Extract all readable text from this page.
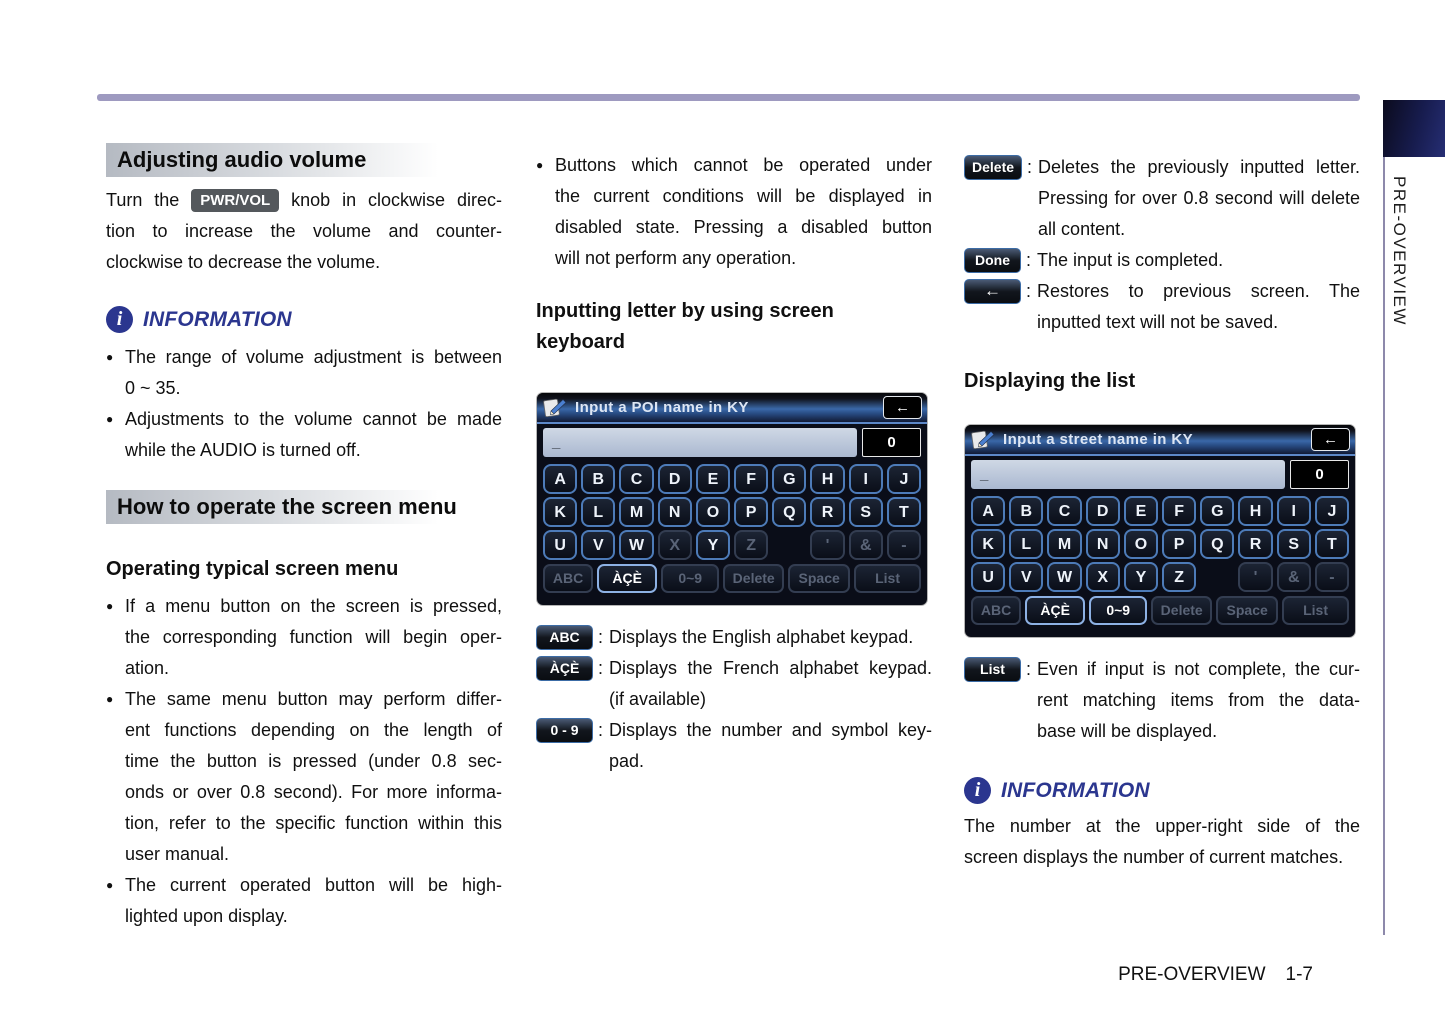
PRE-OVERVIEW
Adjusting audio volume
Turn the PWR/VOL knob in clockwise direc-
tion to increase the volume and counter-
clockwise to decrease the volume.
i INFORMATION
● The range of volume adjustment is between
0 ~ 35.
● Adjustments to the volume cannot be made
while the AUDIO is turned off.
How to operate the screen menu
Operating typical screen menu
● If a menu button on the screen is pressed,
the corresponding function will begin oper-
ation.
● The same menu button may perform differ-
ent functions depending on the length of
time the button is pressed (under 0.8 sec-
onds or over 0.8 second). For more informa-
tion, refer to the specific function within this
user manual.
● The current operated button will be high-
lighted upon display.
● Buttons which cannot be operated under
the current conditions will be displayed in
disabled state. Pressing a disabled button
will not perform any operation.
Inputting letter by using screen
keyboard
Input a POI name in KY	←
_	0
A	B	C	D	E	F	G	H	I	J
K	L	M	N	O	P	Q	R	S	T
U	V	W	X	Y	Z	'	&	-
ABC	ÀÇÈ	0~9	Delete	Space	List
ABC	: Displays the English alphabet keypad.
ÀÇÈ	: Displays the French alphabet keypad.
(if available)
0 - 9	: Displays the number and symbol key-
pad.
Delete : Deletes the previously inputted letter.
Pressing for over 0.8 second will delete
all content.
Done : The input is completed.
←	: Restores to previous screen. The
inputted text will not be saved.
Displaying the list
Input a street name in KY	←
_	0
A	B	C	D	E	F	G	H	I	J
K	L	M	N	O	P	Q	R	S	T
U	V	W	X	Y	Z	'	&	-
ABC	ÀÇÈ	0~9	Delete	Space	List
List	: Even if input is not complete, the cur-
rent matching items from the data-
base will be displayed.
i INFORMATION
The number at the upper-right side of the
screen displays the number of current matches.
PRE-OVERVIEW 1-7
